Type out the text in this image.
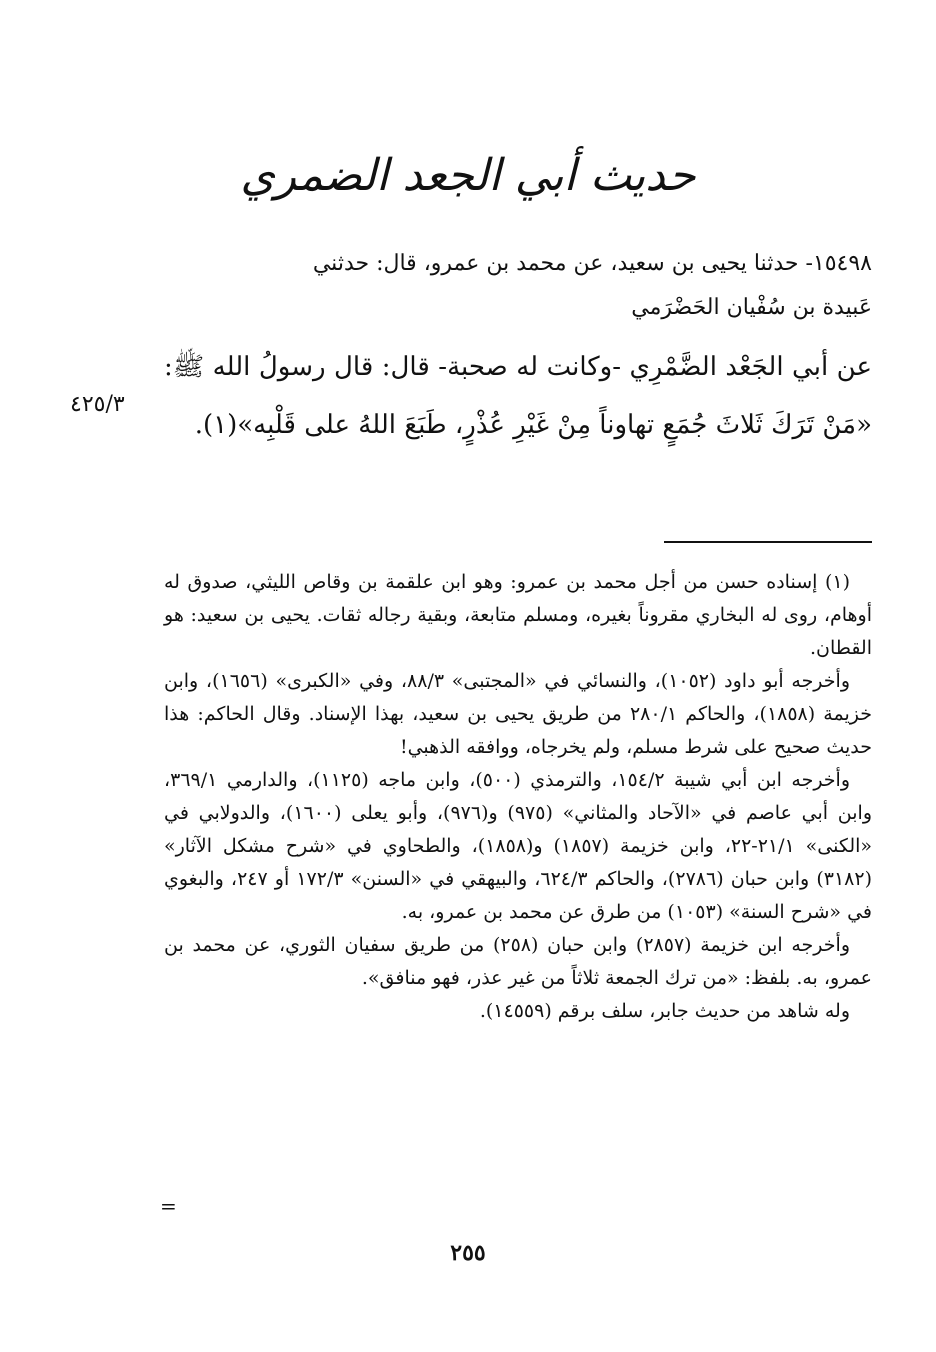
حديث أبي الجعد الضمري

١٥٤٩٨- حدثنا يحيى بن سعيد، عن محمد بن عمرو، قال: حدثني

عَبيدة بن سُفْيان الحَضْرَمي

عن أبي الجَعْد الضَّمْرِي -وكانت له صحبة- قال: قال رسولُ الله ﷺ: «مَنْ تَرَكَ ثَلاثَ جُمَعٍ تهاوناً مِنْ غَيْرِ عُذْرٍ، طَبَعَ اللهُ على قَلْبِه»(١).

٤٢٥/٣

(١) إسناده حسن من أجل محمد بن عمرو: وهو ابن علقمة بن وقاص الليثي، صدوق له أوهام، روى له البخاري مقروناً بغيره، ومسلم متابعة، وبقية رجاله ثقات. يحيى بن سعيد: هو القطان.

وأخرجه أبو داود (١٠٥٢)، والنسائي في «المجتبى» ٨٨/٣، وفي «الكبرى» (١٦٥٦)، وابن خزيمة (١٨٥٨)، والحاكم ٢٨٠/١ من طريق يحيى بن سعيد، بهذا الإسناد. وقال الحاكم: هذا حديث صحيح على شرط مسلم، ولم يخرجاه، ووافقه الذهبي!

وأخرجه ابن أبي شيبة ١٥٤/٢، والترمذي (٥٠٠)، وابن ماجه (١١٢٥)، والدارمي ٣٦٩/١، وابن أبي عاصم في «الآحاد والمثاني» (٩٧٥) و(٩٧٦)، وأبو يعلى (١٦٠٠)، والدولابي في «الكنى» ٢١/١-٢٢، وابن خزيمة (١٨٥٧) و(١٨٥٨)، والطحاوي في «شرح مشكل الآثار» (٣١٨٢) وابن حبان (٢٧٨٦)، والحاكم ٦٢٤/٣، والبيهقي في «السنن» ١٧٢/٣ أو ٢٤٧، والبغوي في «شرح السنة» (١٠٥٣) من طرق عن محمد بن عمرو، به.

وأخرجه ابن خزيمة (٢٨٥٧) وابن حبان (٢٥٨) من طريق سفيان الثوري، عن محمد بن عمرو، به. بلفظ: «من ترك الجمعة ثلاثاً من غير عذر، فهو منافق».

وله شاهد من حديث جابر، سلف برقم (١٤٥٥٩).

=
٢٥٥
